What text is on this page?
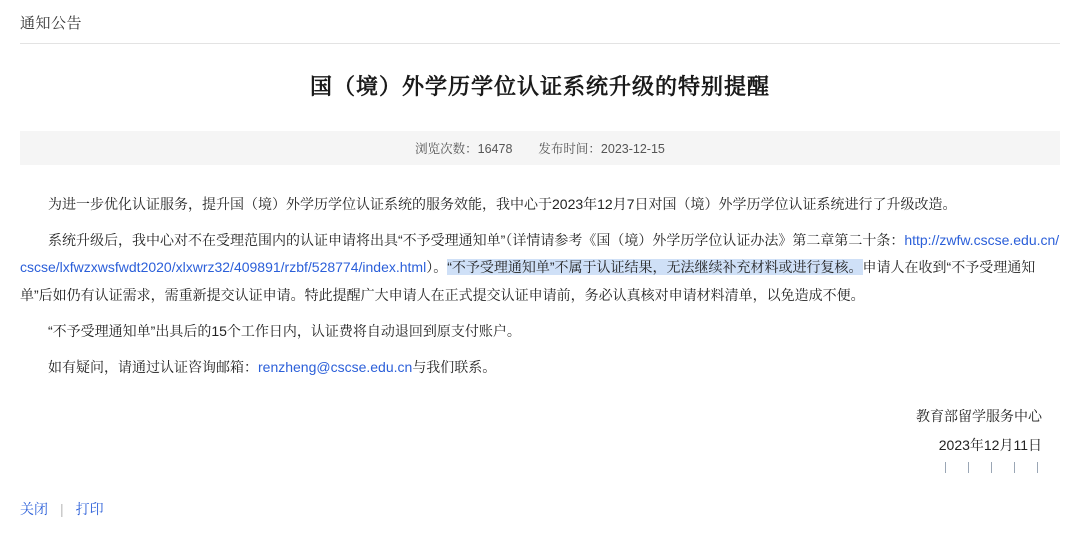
通知公告
国（境）外学历学位认证系统升级的特别提醒
浏览次数：16478 发布时间：2023-12-15

为进一步优化认证服务，提升国（境）外学历学位认证系统的服务效能，我中心于2023年12月7日对国（境）外学历学位认证系统进行了升级改造。

系统升级后，我中心对不在受理范围内的认证申请将出具“不予受理通知单”（详情请参考《国（境）外学历学位认证办法》第二章第二十条：http://zwfw.cscse.edu.cn/cscse/lxfwzxwsfwdt2020/xlxwrz32/409891/rzbf/528774/index.html）。“不予受理通知单”不属于认证结果，无法继续补充材料或进行复核。申请人在收到“不予受理通知单”后如仍有认证需求，需重新提交认证申请。特此提醒广大申请人在正式提交认证申请前，务必认真核对申请材料清单，以免造成不便。

“不予受理通知单”出具后的15个工作日内，认证费将自动退回到原支付账户。

如有疑问，请通过认证咨询邮箱：renzheng@cscse.edu.cn与我们联系。

教育部留学服务中心
2023年12月11日
关闭 | 打印
